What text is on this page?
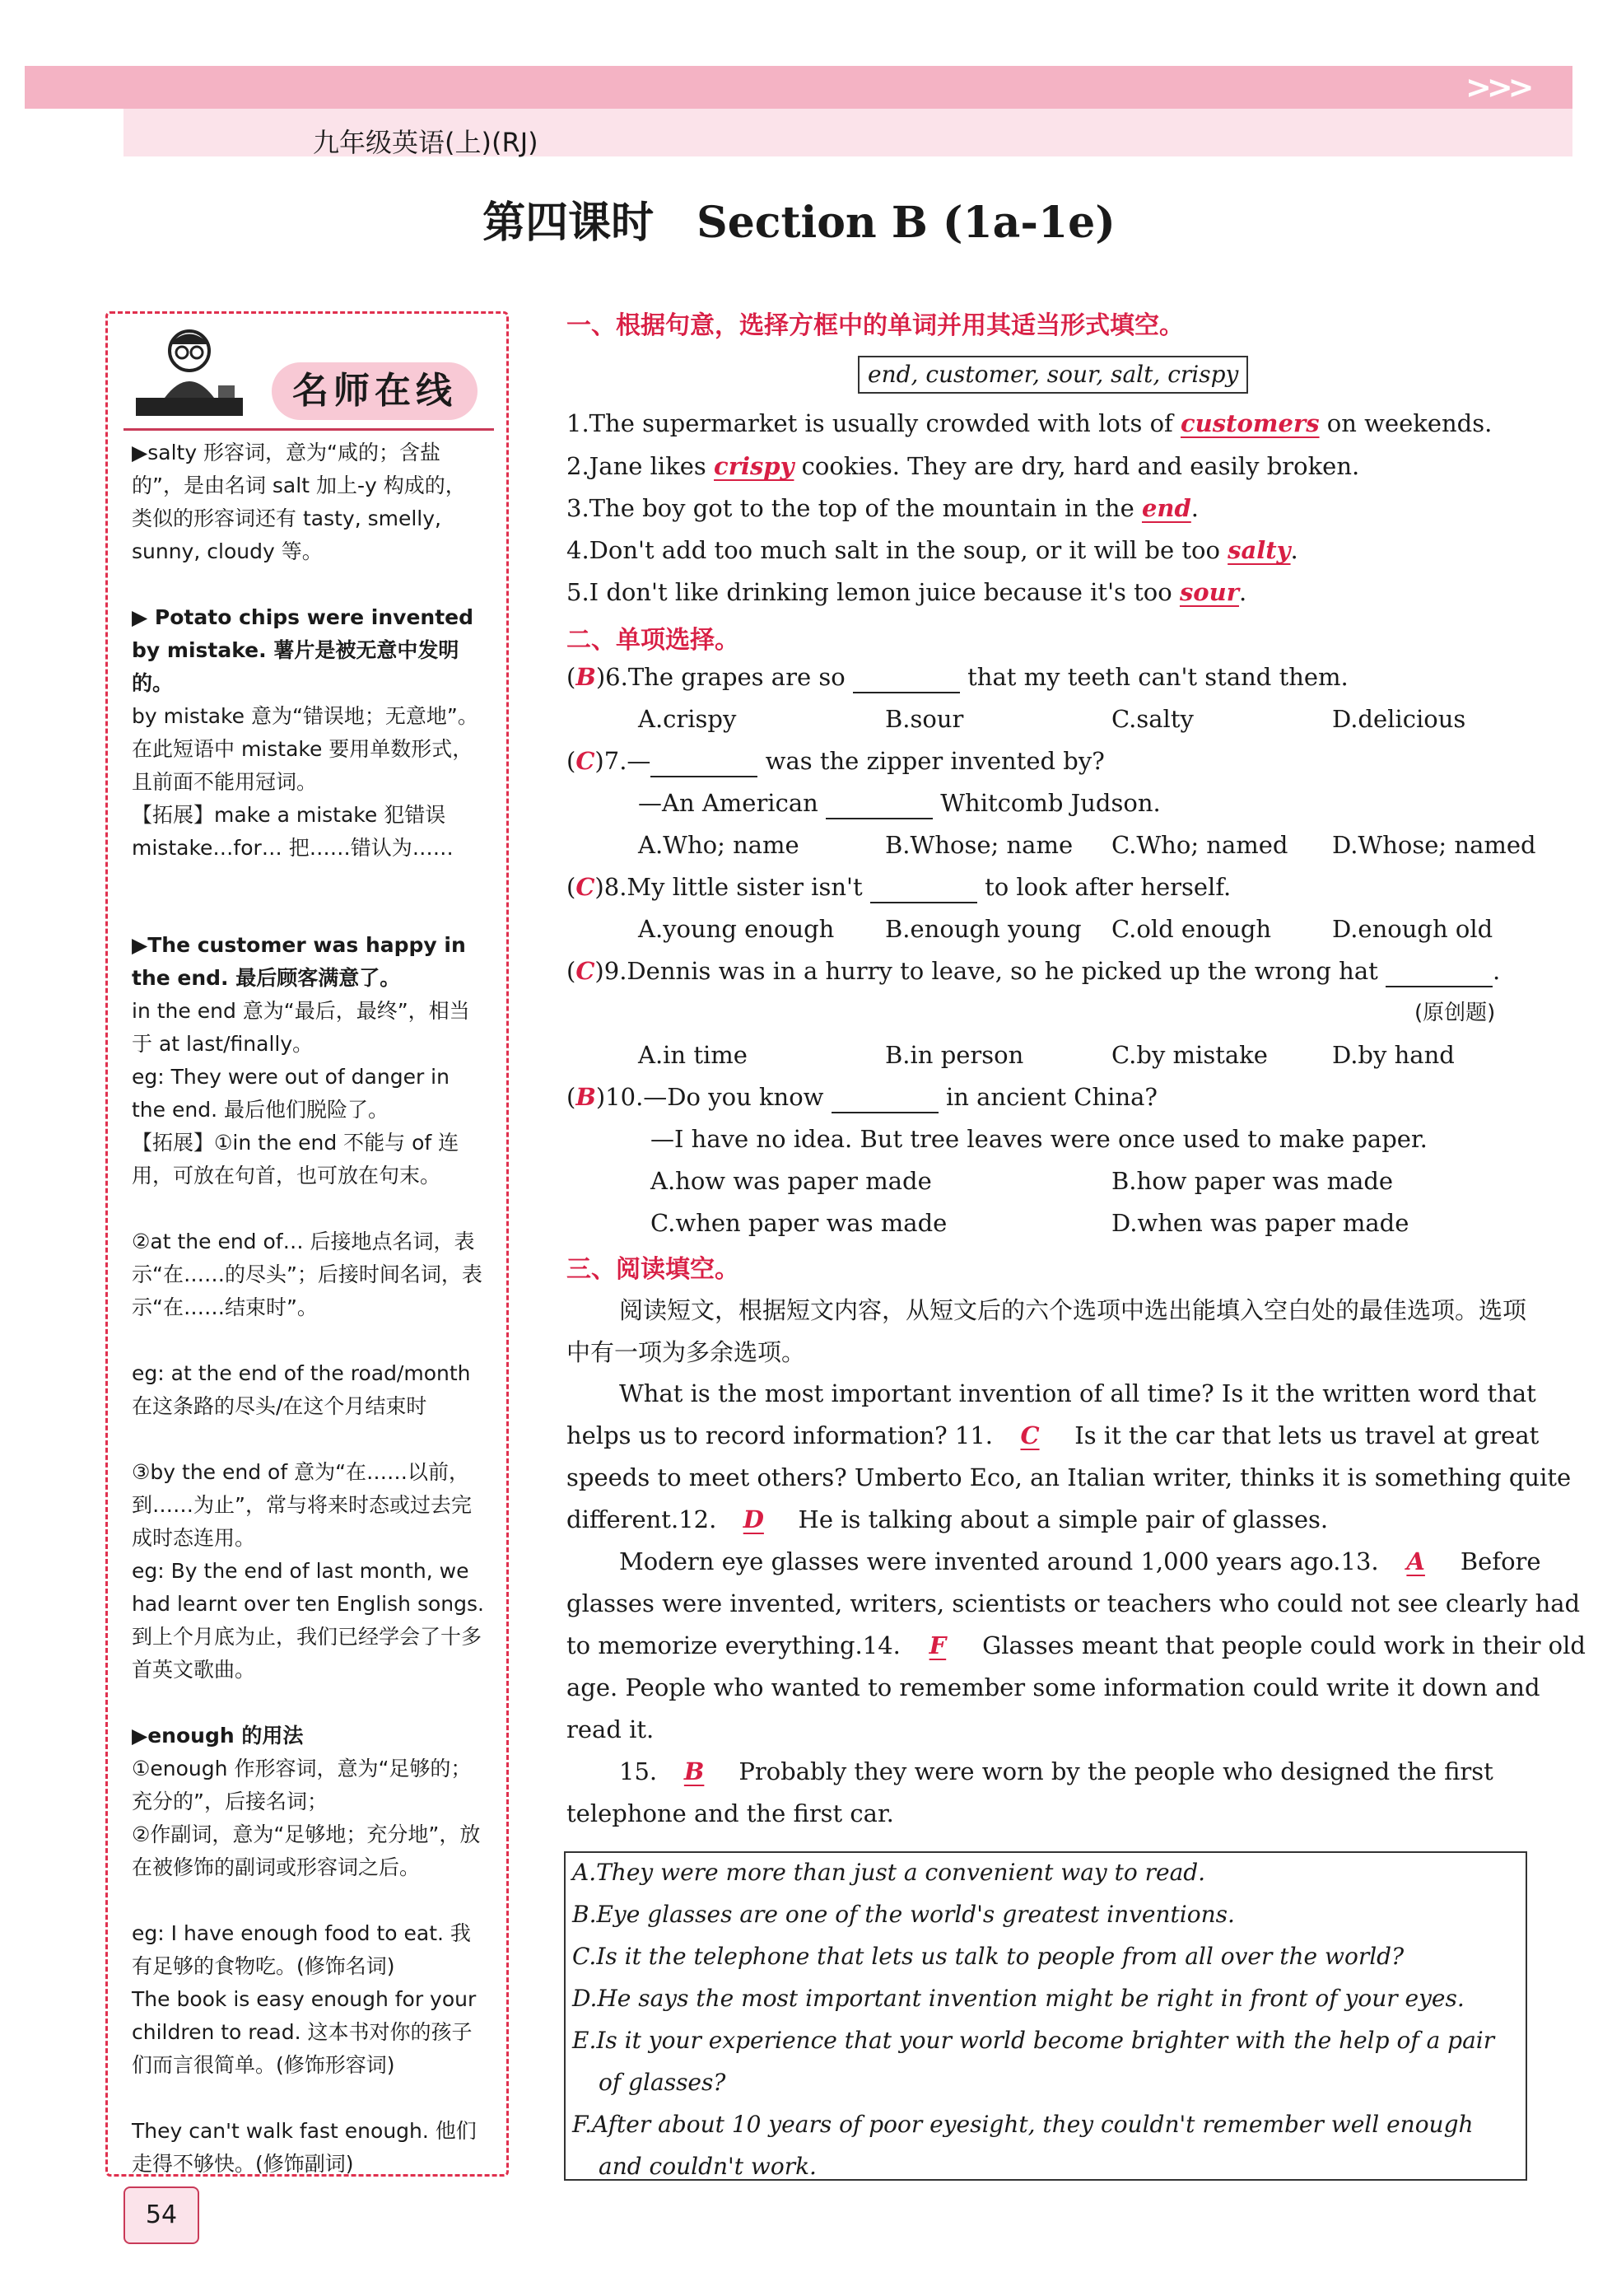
>>>
九年级英语(上)(RJ)
第四课时　Section B (1a-1e)
名师在线
▶salty 形容词，意为“咸的；含盐的”，是由名词 salt 加上-y 构成的，类似的形容词还有 tasty, smelly, sunny, cloudy 等。
▶ Potato chips were invented by mistake. 薯片是被无意中发明的。
by mistake 意为“错误地；无意地”。在此短语中 mistake 要用单数形式，且前面不能用冠词。
【拓展】make a mistake 犯错误　mistake…for… 把……错认为……
▶The customer was happy in the end. 最后顾客满意了。
in the end 意为“最后，最终”，相当于 at last/finally。
eg: They were out of danger in the end. 最后他们脱险了。
【拓展】①in the end 不能与 of 连用，可放在句首，也可放在句末。
②at the end of… 后接地点名词，表示“在……的尽头”；后接时间名词，表示“在……结束时”。
eg: at the end of the road/month 在这条路的尽头/在这个月结束时
③by the end of 意为“在……以前，到……为止”，常与将来时态或过去完成时态连用。
eg: By the end of last month, we had learnt over ten English songs. 到上个月底为止，我们已经学会了十多首英文歌曲。
▶enough 的用法
①enough 作形容词，意为“足够的；充分的”，后接名词；
②作副词，意为“足够地；充分地”，放在被修饰的副词或形容词之后。
eg: I have enough food to eat. 我有足够的食物吃。(修饰名词)
The book is easy enough for your children to read. 这本书对你的孩子们而言很简单。(修饰形容词)
They can't walk fast enough. 他们走得不够快。(修饰副词)
一、根据句意，选择方框中的单词并用其适当形式填空。
end, customer, sour, salt, crispy
1.The supermarket is usually crowded with lots of customers on weekends.
2.Jane likes crispy cookies. They are dry, hard and easily broken.
3.The boy got to the top of the mountain in the end.
4.Don't add too much salt in the soup, or it will be too salty.
5.I don't like drinking lemon juice because it's too sour.
二、单项选择。
(B)6.The grapes are so	that my teeth can't stand them.
A.crispy	B.sour	C.salty	D.delicious
(C)7.—	was the zipper invented by?
—An American	Whitcomb Judson.
A.Who; name	B.Whose; name C.Who; named D.Whose; named
(C)8.My little sister isn't	to look after herself.
A.young enough B.enough young C.old enough	D.enough old
(C)9.Dennis was in a hurry to leave, so he picked up the wrong hat	.
(原创题)
A.in time	B.in person	C.by mistake	D.by hand
(B)10.—Do you know	in ancient China?
—I have no idea. But tree leaves were once used to make paper.
A.how was paper made	B.how paper was made
C.when paper was made	D.when was paper made
三、阅读填空。
阅读短文，根据短文内容，从短文后的六个选项中选出能填入空白处的最佳选项。选项中有一项为多余选项。
What is the most important invention of all time? Is it the written word that
helps us to record information? 11. C Is it the car that lets us travel at great
speeds to meet others? Umberto Eco, an Italian writer, thinks it is something quite
different.12. D He is talking about a simple pair of glasses.
Modern eye glasses were invented around 1,000 years ago.13. A Before
glasses were invented, writers, scientists or teachers who could not see clearly had
to memorize everything.14. F Glasses meant that people could work in their old
age. People who wanted to remember some information could write it down and
read it.
15. B Probably they were worn by the people who designed the first
telephone and the first car.
A.They were more than just a convenient way to read.
B.Eye glasses are one of the world's greatest inventions.
C.Is it the telephone that lets us talk to people from all over the world?
D.He says the most important invention might be right in front of your eyes.
E.Is it your experience that your world become brighter with the help of a pair
of glasses?
F.After about 10 years of poor eyesight, they couldn't remember well enough
and couldn't work.
54
